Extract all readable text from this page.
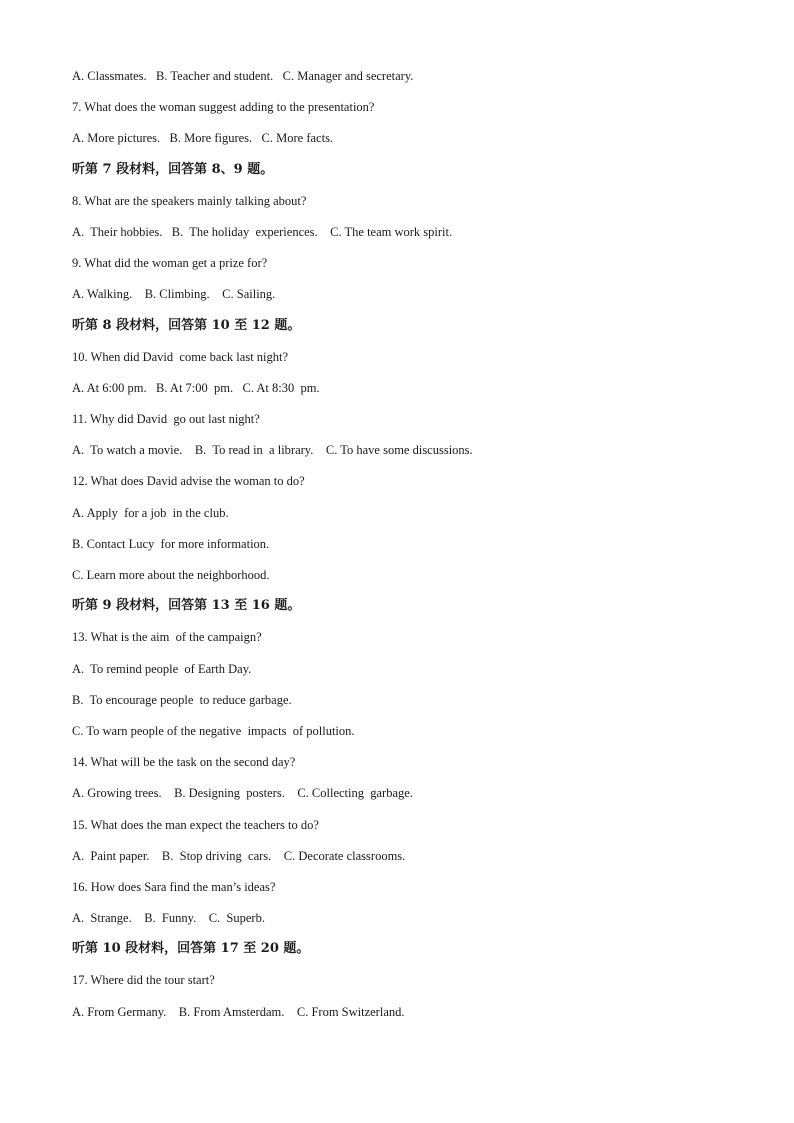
A. Classmates.   B. Teacher and student.   C. Manager and secretary.
7. What does the woman suggest adding to the presentation?
A. More pictures.   B. More figures.   C. More facts.
听第 7 段材料，回答第 8、9 题。
8. What are the speakers mainly talking about?
A.  Their hobbies.   B.  The holiday  experiences.    C. The team work spirit.
9. What did the woman get a prize for?
A. Walking.    B. Climbing.    C. Sailing.
听第 8 段材料，回答第 10 至 12 题。
10. When did David  come back last night?
A. At 6:00 pm.   B. At 7:00  pm.   C. At 8:30  pm.
11. Why did David  go out last night?
A.  To watch a movie.    B.  To read in  a library.    C. To have some discussions.
12. What does David advise the woman to do?
A. Apply  for a job  in the club.
B. Contact Lucy  for more information.
C. Learn more about the neighborhood.
听第 9 段材料，回答第 13 至 16 题。
13. What is the aim  of the campaign?
A.  To remind people  of Earth Day.
B.  To encourage people  to reduce garbage.
C. To warn people of the negative  impacts  of pollution.
14. What will be the task on the second day?
A. Growing trees.    B. Designing  posters.    C. Collecting  garbage.
15. What does the man expect the teachers to do?
A.  Paint paper.    B.  Stop driving  cars.    C. Decorate classrooms.
16. How does Sara find the man’s ideas?
A.  Strange.    B.  Funny.    C.  Superb.
听第 10 段材料，回答第 17 至 20 题。
17. Where did the tour start?
A. From Germany.    B. From Amsterdam.    C. From Switzerland.
